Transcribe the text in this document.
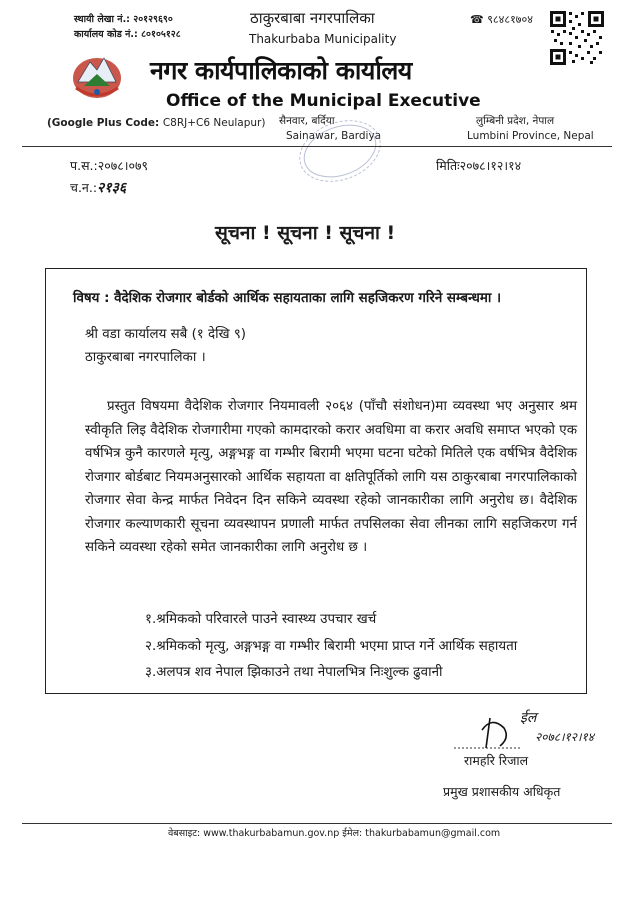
स्थायी लेखा नं.: २०१२९६९०
कार्यालय कोड नं.: ८०१०५१२८
ठाकुरबाबा नगरपालिका
Thakurbaba Municipality
☎ ९८४८१७०४
नगर कार्यपालिकाको कार्यालय
Office of the Municipal Executive
(Google Plus Code: C8RJ+C6 Neulapur) सैनवार, बर्दिया
Sainawar, Bardiya
लुम्बिनी प्रदेश, नेपाल
Lumbini Province, Nepal
प.स.:२०७८।०७९
च.न.:२१३६
मितिः२०७८।१२।१४
सूचना ! सूचना ! सूचना !
विषय : वैदेशिक रोजगार बोर्डको आर्थिक सहायताका लागि सहजिकरण गरिने सम्बन्धमा ।
श्री वडा कार्यालय सबै (१ देखि ९)
ठाकुरबाबा नगरपालिका ।
प्रस्तुत विषयमा वैदेशिक रोजगार नियमावली २०६४ (पाँचौ संशोधन)मा व्यवस्था भए अनुसार श्रम स्वीकृति लिइ वैदेशिक रोजगारीमा गएको कामदारको करार अवधिमा वा करार अवधि समाप्त भएको एक वर्षभित्र कुनै कारणले मृत्यु, अङ्गभङ्ग वा गम्भीर बिरामी भएमा घटना घटेको मितिले एक वर्षभित्र वैदेशिक रोजगार बोर्डबाट नियमअनुसारको आर्थिक सहायता वा क्षतिपूर्तिको लागि यस ठाकुरबाबा नगरपालिकाको रोजगार सेवा केन्द्र मार्फत निवेदन दिन सकिने व्यवस्था रहेको जानकारीका लागि अनुरोध छ। वैदेशिक रोजगार कल्याणकारी सूचना व्यवस्थापन प्रणाली मार्फत तपसिलका सेवा लीनका लागि सहजिकरण गर्न सकिने व्यवस्था रहेको समेत जानकारीका लागि अनुरोध छ ।
१.श्रमिकको परिवारले पाउने स्वास्थ्य उपचार खर्च
२.श्रमिकको मृत्यु, अङ्गभङ्ग वा गम्भीर बिरामी भएमा प्राप्त गर्ने आर्थिक सहायता
३.अलपत्र शव नेपाल झिकाउने तथा नेपालभित्र निःशुल्क ढुवानी
ईल
२०७८।१२।१४
रामहरि रिजाल
प्रमुख प्रशासकीय अधिकृत
वेबसाइट: www.thakurbabamun.gov.np ईमेल: thakurbabamun@gmail.com
